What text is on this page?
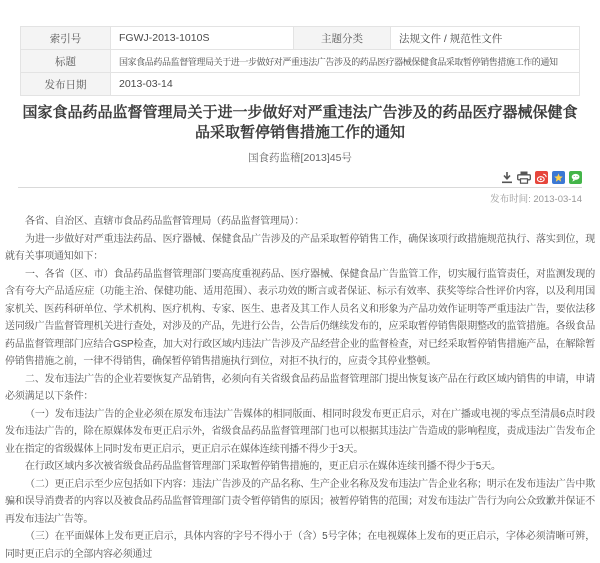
索引号	FGWJ-2013-1010S	主题分类	法规文件 / 规范性文件
标题	国家食品药品监督管理局关于进一步做好对严重违法广告涉及的药品医疗器械保健食品采取暂停销售措施工作的通知		
发布日期	2013-03-14		
国家食品药品监督管理局关于进一步做好对严重违法广告涉及的药品医疗器械保健食品采取暂停销售措施工作的通知
国食药监稽[2013]45号
发布时间: 2013-03-14

各省、自治区、直辖市食品药品监督管理局（药品监督管理局）：

为进一步做好对严重违法药品、医疗器械、保健食品广告涉及的产品采取暂停销售工作，确保该项行政措施规范执行、落实到位，现就有关事项通知如下：

一、各省（区、市）食品药品监督管理部门要高度重视药品、医疗器械、保健食品广告监管工作，切实履行监管责任，对监测发现的含有夸大产品适应症（功能主治、保健功能、适用范围）、表示功效的断言或者保证、标示有效率、获奖等综合性评价内容，以及利用国家机关、医药科研单位、学术机构、医疗机构、专家、医生、患者及其工作人员名义和形象为产品功效作证明等严重违法广告，要依法移送同级广告监督管理机关进行查处，对涉及的产品，先进行公告，公告后仍继续发布的，应采取暂停销售限期整改的监管措施。各级食品药品监督管理部门应结合GSP检查，加大对行政区域内违法广告涉及产品经营企业的监督检查，对已经采取暂停销售措施产品，在解除暂停销售措施之前，一律不得销售，确保暂停销售措施执行到位，对拒不执行的，应责令其停业整顿。

二、发布违法广告的企业若要恢复产品销售，必须向有关省级食品药品监督管理部门提出恢复该产品在行政区域内销售的申请，申请必须满足以下条件：

（一）发布违法广告的企业必须在原发布违法广告媒体的相同版面、相同时段发布更正启示，对在广播或电视的零点至清晨6点时段发布违法广告的，除在原媒体发布更正启示外，省级食品药品监督管理部门也可以根据其违法广告造成的影响程度，责成违法广告发布企业在指定的省级媒体上同时发布更正启示，更正启示在媒体连续刊播不得少于3天。

在行政区域内多次被省级食品药品监督管理部门采取暂停销售措施的，更正启示在媒体连续刊播不得少于5天。

（二）更正启示至少应包括如下内容：违法广告涉及的产品名称、生产企业名称及发布违法广告企业名称；明示在发布违法广告中欺骗和误导消费者的内容以及被食品药品监督管理部门责令暂停销售的原因；被暂停销售的范围；对发布违法广告行为向公众致歉并保证不再发布违法广告等。

（三）在平面媒体上发布更正启示，具体内容的字号不得小于（含）5号字体；在电视媒体上发布的更正启示，字体必须清晰可辨，同时更正启示的全部内容必须通过
